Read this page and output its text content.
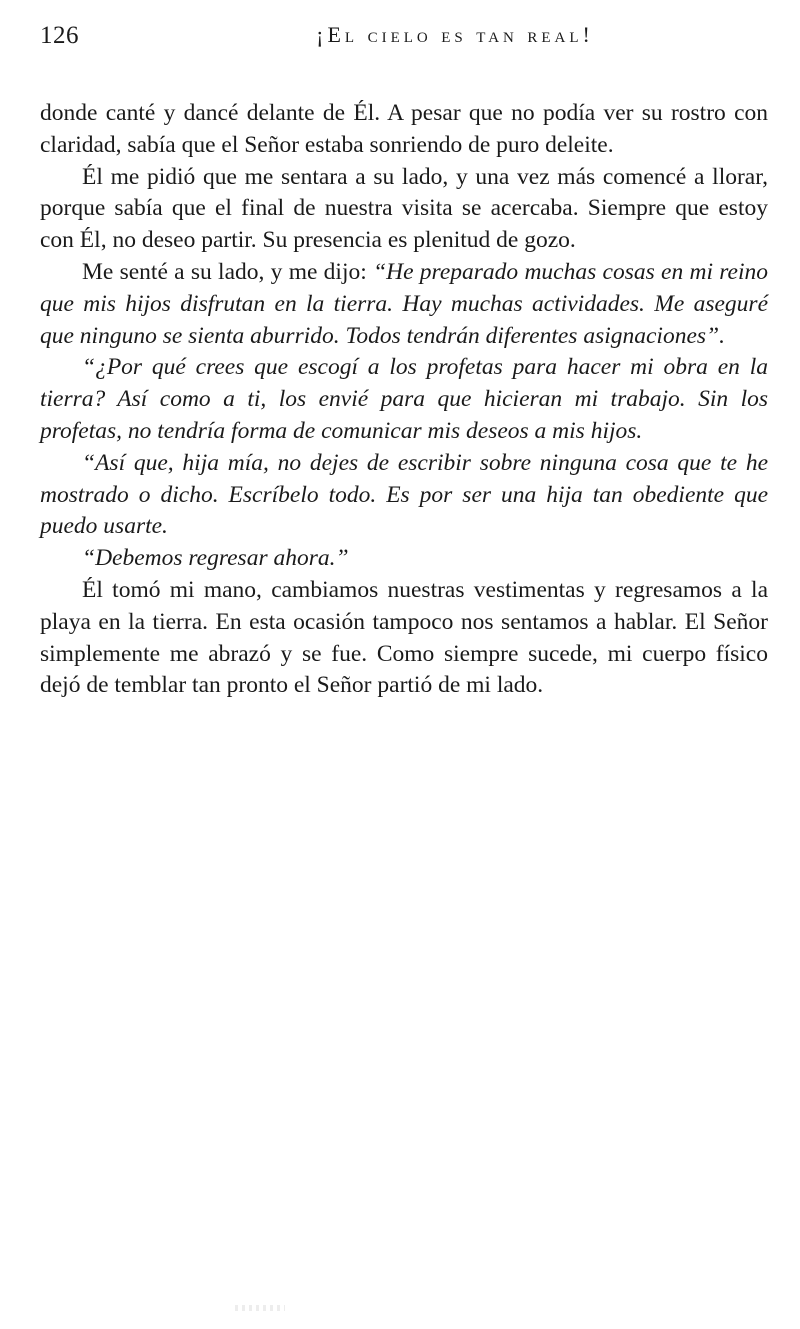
126	¡El cielo es tan real!

donde canté y dancé delante de Él. A pesar que no podía ver su rostro con claridad, sabía que el Señor estaba sonriendo de puro deleite.

Él me pidió que me sentara a su lado, y una vez más comencé a llorar, porque sabía que el final de nuestra visita se acercaba. Siempre que estoy con Él, no deseo partir. Su presencia es plenitud de gozo.

Me senté a su lado, y me dijo: “He preparado muchas cosas en mi reino que mis hijos disfrutan en la tierra. Hay muchas actividades. Me aseguré que ninguno se sienta aburrido. Todos tendrán diferentes asignaciones”.

“¿Por qué crees que escogí a los profetas para hacer mi obra en la tierra? Así como a ti, los envié para que hicieran mi trabajo. Sin los profetas, no tendría forma de comunicar mis deseos a mis hijos.

“Así que, hija mía, no dejes de escribir sobre ninguna cosa que te he mostrado o dicho. Escríbelo todo. Es por ser una hija tan obediente que puedo usarte.

“Debemos regresar ahora.”

Él tomó mi mano, cambiamos nuestras vestimentas y regresamos a la playa en la tierra. En esta ocasión tampoco nos sentamos a hablar. El Señor simplemente me abrazó y se fue. Como siempre sucede, mi cuerpo físico dejó de temblar tan pronto el Señor partió de mi lado.
